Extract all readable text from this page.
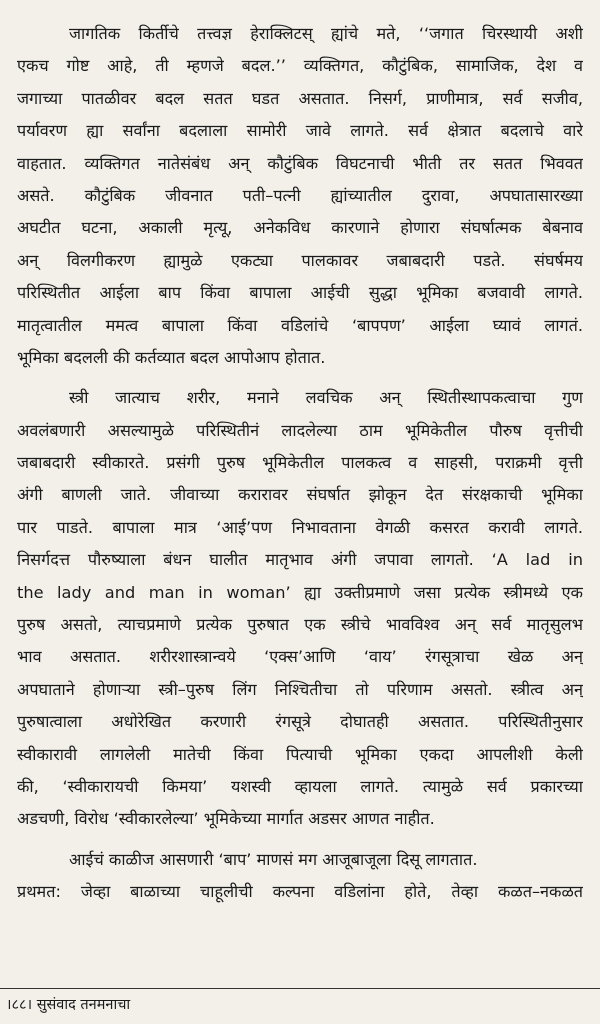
जागतिक किर्तीचे तत्त्वज्ञ हेराक्लिटस् ह्यांचे मते, ‘‘जगात चिरस्थायी अशी
एकच गोष्ट आहे, ती म्हणजे बदल.’’ व्यक्तिगत, कौटुंबिक, सामाजिक, देश व
जगाच्या पातळीवर बदल सतत घडत असतात. निसर्ग, प्राणीमात्र, सर्व सजीव,
पर्यावरण ह्या सर्वांना बदलाला सामोरी जावे लागते. सर्व क्षेत्रात बदलाचे वारे
वाहतात. व्यक्तिगत नातेसंबंध अन् कौटुंबिक विघटनाची भीती तर सतत भिववत
असते. कौटुंबिक जीवनात पती–पत्नी ह्यांच्यातील दुरावा, अपघातासारख्या
अघटीत घटना, अकाली मृत्यू, अनेकविध कारणाने होणारा संघर्षात्मक बेबनाव
अन् विलगीकरण ह्यामुळे एकट्या पालकावर जबाबदारी पडते. संघर्षमय
परिस्थितीत आईला बाप किंवा बापाला आईची सुद्धा भूमिका बजवावी लागते.
मातृत्वातील ममत्व बापाला किंवा वडिलांचे ‘बापपण’ आईला घ्यावं लागतं.
भूमिका बदलली की कर्तव्यात बदल आपोआप होतात.
स्त्री जात्याच शरीर, मनाने लवचिक अन् स्थितीस्थापकत्वाचा गुण
अवलंबणारी असल्यामुळे परिस्थितीनं लादलेल्या ठाम भूमिकेतील पौरुष वृत्तीची
जबाबदारी स्वीकारते. प्रसंगी पुरुष भूमिकेतील पालकत्व व साहसी, पराक्रमी वृत्ती
अंगी बाणली जाते. जीवाच्या करारावर संघर्षात झोकून देत संरक्षकाची भूमिका
पार पाडते. बापाला मात्र ‘आई’पण निभावताना वेगळी कसरत करावी लागते.
निसर्गदत्त पौरुष्याला बंधन घालीत मातृभाव अंगी जपावा लागतो. ‘A lad in
the lady and man in woman’ ह्या उक्तीप्रमाणे जसा प्रत्येक स्त्रीमध्ये एक
पुरुष असतो, त्याचप्रमाणे प्रत्येक पुरुषात एक स्त्रीचे भावविश्व अन् सर्व मातृसुलभ
भाव असतात. शरीरशास्त्रान्वये ‘एक्स’आणि ‘वाय’ रंगसूत्राचा खेळ अन्
अपघाताने होणाऱ्या स्त्री–पुरुष लिंग निश्चितीचा तो परिणाम असतो. स्त्रीत्व अन्
पुरुषात्वाला अधोरेखित करणारी रंगसूत्रे दोघातही असतात. परिस्थितीनुसार
स्वीकारावी लागलेली मातेची किंवा पित्याची भूमिका एकदा आपलीशी केली
की, ‘स्वीकारायची किमया’ यशस्वी व्हायला लागते. त्यामुळे सर्व प्रकारच्या
अडचणी, विरोध ‘स्वीकारलेल्या’ भूमिकेच्या मार्गात अडसर आणत नाहीत.
आईचं काळीज आसणारी ‘बाप’ माणसं मग आजूबाजूला दिसू लागतात.
प्रथमत: जेव्हा बाळाच्या चाहूलीची कल्पना वडिलांना होते, तेव्हा कळत–नकळत
।८८। सुसंवाद तनमनाचा
